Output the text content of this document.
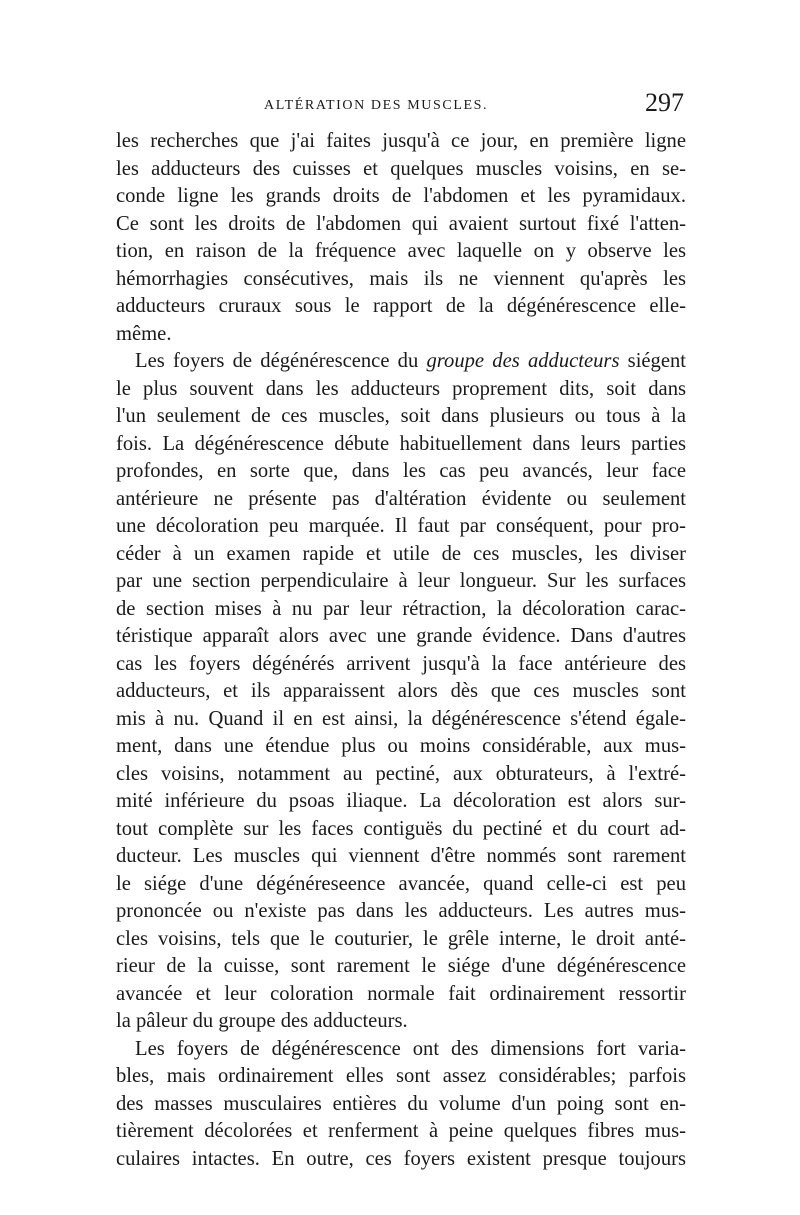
ALTÉRATION DES MUSCLES.	297
les recherches que j'ai faites jusqu'à ce jour, en première ligne
les adducteurs des cuisses et quelques muscles voisins, en se-
conde ligne les grands droits de l'abdomen et les pyramidaux.
Ce sont les droits de l'abdomen qui avaient surtout fixé l'atten-
tion, en raison de la fréquence avec laquelle on y observe les
hémorrhagies consécutives, mais ils ne viennent qu'après les
adducteurs cruraux sous le rapport de la dégénérescence elle-
même.
Les foyers de dégénérescence du groupe des adducteurs siégent
le plus souvent dans les adducteurs proprement dits, soit dans
l'un seulement de ces muscles, soit dans plusieurs ou tous à la
fois. La dégénérescence débute habituellement dans leurs parties
profondes, en sorte que, dans les cas peu avancés, leur face
antérieure ne présente pas d'altération évidente ou seulement
une décoloration peu marquée. Il faut par conséquent, pour pro-
céder à un examen rapide et utile de ces muscles, les diviser
par une section perpendiculaire à leur longueur. Sur les surfaces
de section mises à nu par leur rétraction, la décoloration carac-
téristique apparaît alors avec une grande évidence. Dans d'autres
cas les foyers dégénérés arrivent jusqu'à la face antérieure des
adducteurs, et ils apparaissent alors dès que ces muscles sont
mis à nu. Quand il en est ainsi, la dégénérescence s'étend égale-
ment, dans une étendue plus ou moins considérable, aux mus-
cles voisins, notamment au pectiné, aux obturateurs, à l'extré-
mité inférieure du psoas iliaque. La décoloration est alors sur-
tout complète sur les faces contiguës du pectiné et du court ad-
ducteur. Les muscles qui viennent d'être nommés sont rarement
le siége d'une dégénéreseence avancée, quand celle-ci est peu
prononcée ou n'existe pas dans les adducteurs. Les autres mus-
cles voisins, tels que le couturier, le grêle interne, le droit anté-
rieur de la cuisse, sont rarement le siége d'une dégénérescence
avancée et leur coloration normale fait ordinairement ressortir
la pâleur du groupe des adducteurs.
Les foyers de dégénérescence ont des dimensions fort varia-
bles, mais ordinairement elles sont assez considérables; parfois
des masses musculaires entières du volume d'un poing sont en-
tièrement décolorées et renferment à peine quelques fibres mus-
culaires intactes. En outre, ces foyers existent presque toujours
